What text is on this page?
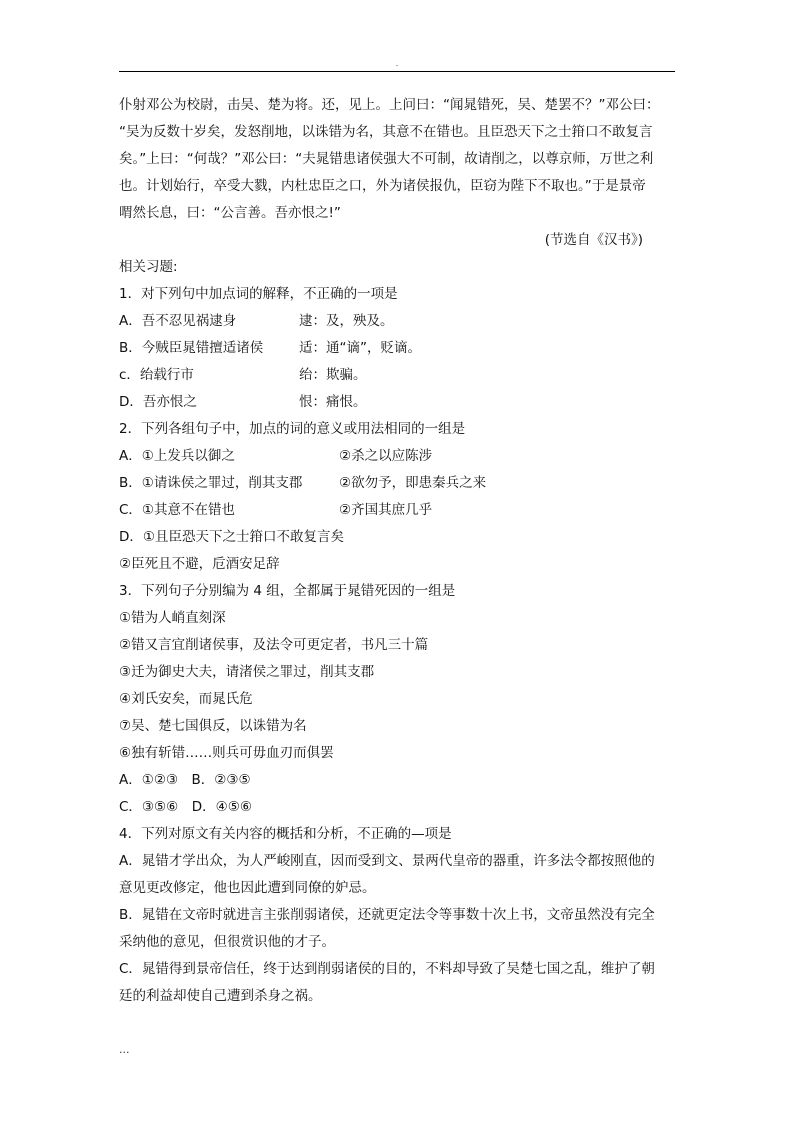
.
仆射邓公为校尉，击吴、楚为将。还，见上。上问曰：“闻晁错死，吴、楚罢不？”邓公曰：
“吴为反数十岁矣，发怒削地，以诛错为名，其意不在错也。且臣恐天下之士箝口不敢复言
矣。”上曰：“何哉？”邓公曰：“夫晁错患诸侯强大不可制，故请削之，以尊京师，万世之利
也。计划始行，卒受大戮，内杜忠臣之口，外为诸侯报仇，臣窃为陛下不取也。”于是景帝
喟然长息，曰：“公言善。吾亦恨之!”
(节选自《汉书》)
相关习题:
1．对下列句中加点词的解释，不正确的一项是
A．吾不忍见祸逮身	逮：及，殃及。
B．今贼臣晁错擅适诸侯	适：通“谪”，贬谪。
c．绐载行市	绐：欺骗。
D．吾亦恨之	恨：痛恨。
2．下列各组句子中，加点的词的意义或用法相同的一组是
A．①上发兵以御之	②杀之以应陈涉
B．①请诛侯之罪过，削其支郡	②欲勿予，即患秦兵之来
C．①其意不在错也	②齐国其庶几乎
D．①且臣恐天下之士箝口不敢复言矣
②臣死且不避，卮酒安足辞
3．下列句子分别编为 4 组，全都属于晁错死因的一组是
①错为人峭直刻深
②错又言宜削诸侯事，及法令可更定者，书凡三十篇
③迁为御史大夫，请渚侯之罪过，削其支郡
④刘氏安矣，而晁氏危
⑦吴、楚七国俱反，以诛错为名
⑥独有斩错……则兵可毋血刃而俱罢
A．①②③　B．②③⑤
C．③⑤⑥　D．④⑤⑥
4．下列对原文有关内容的概括和分析，不正确的—项是
A．晁错才学出众，为人严峻刚直，因而受到文、景两代皇帝的器重，许多法令都按照他的
意见更改修定，他也因此遭到同僚的妒忌。
B．晁错在文帝时就进言主张削弱诸侯，还就更定法令等事数十次上书，文帝虽然没有完全
采纳他的意见，但很赏识他的才子。
C．晁错得到景帝信任，终于达到削弱诸侯的目的，不料却导致了吴楚七国之乱，维护了朝
廷的利益却使自己遭到杀身之祸。
...
